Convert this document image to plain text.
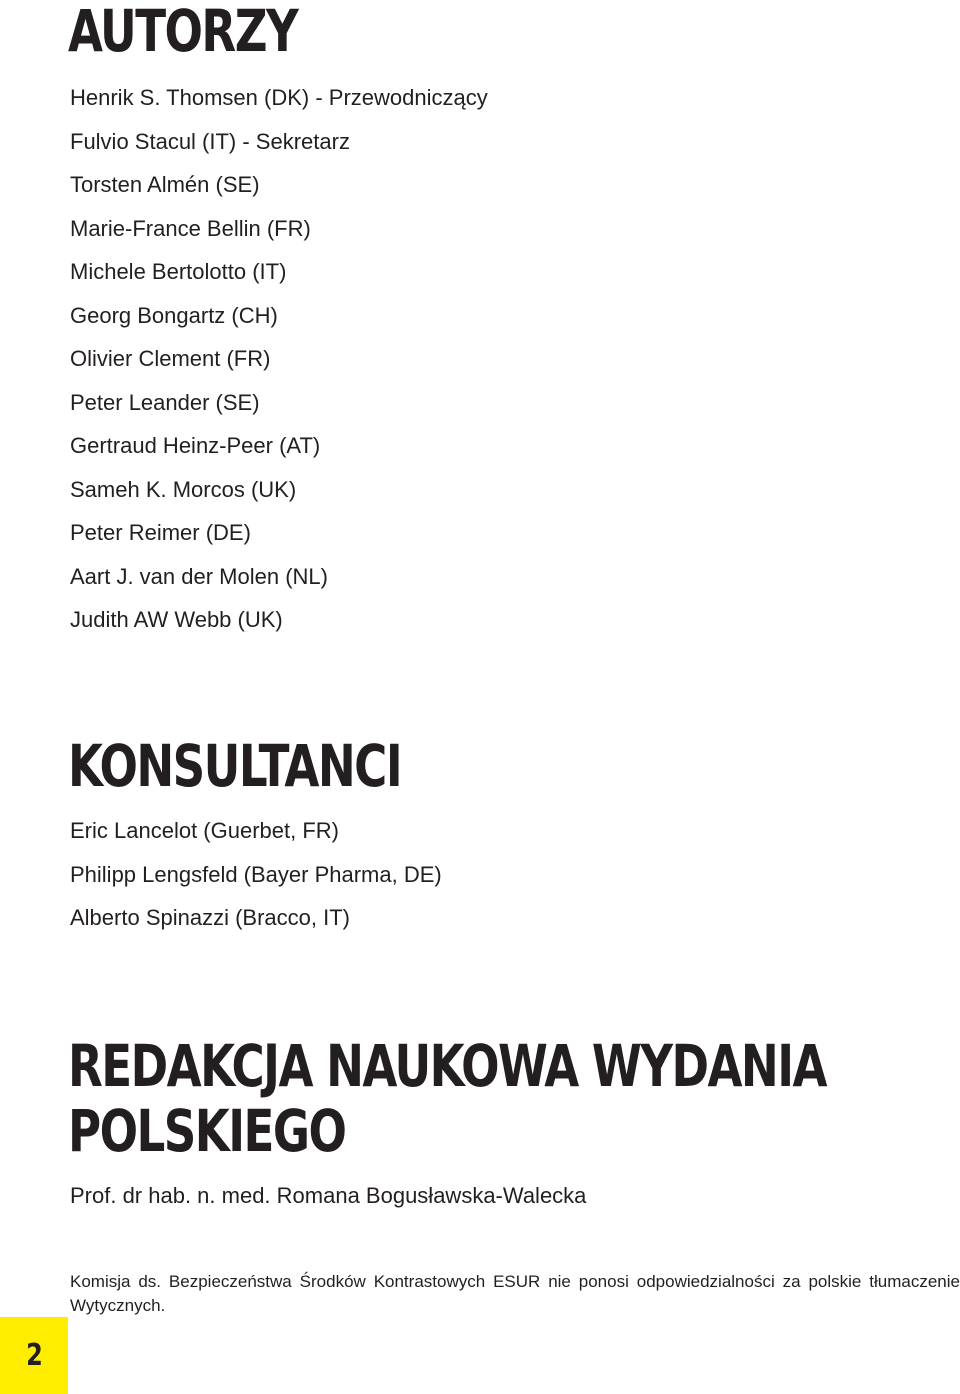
AUTORZY
Henrik S. Thomsen (DK) - Przewodniczący
Fulvio Stacul (IT) - Sekretarz
Torsten Almén (SE)
Marie-France Bellin (FR)
Michele Bertolotto (IT)
Georg Bongartz (CH)
Olivier Clement (FR)
Peter Leander (SE)
Gertraud Heinz-Peer (AT)
Sameh K. Morcos (UK)
Peter Reimer (DE)
Aart J. van der Molen (NL)
Judith AW Webb (UK)
KONSULTANCI
Eric Lancelot (Guerbet, FR)
Philipp Lengsfeld (Bayer Pharma, DE)
Alberto Spinazzi (Bracco, IT)
REDAKCJA NAUKOWA WYDANIA
POLSKIEGO
Prof. dr hab. n. med. Romana Bogusławska-Walecka

Komisja ds. Bezpieczeństwa Środków Kontrastowych ESUR nie ponosi odpowiedzialności za polskie tłumaczenie Wytycznych.

2
